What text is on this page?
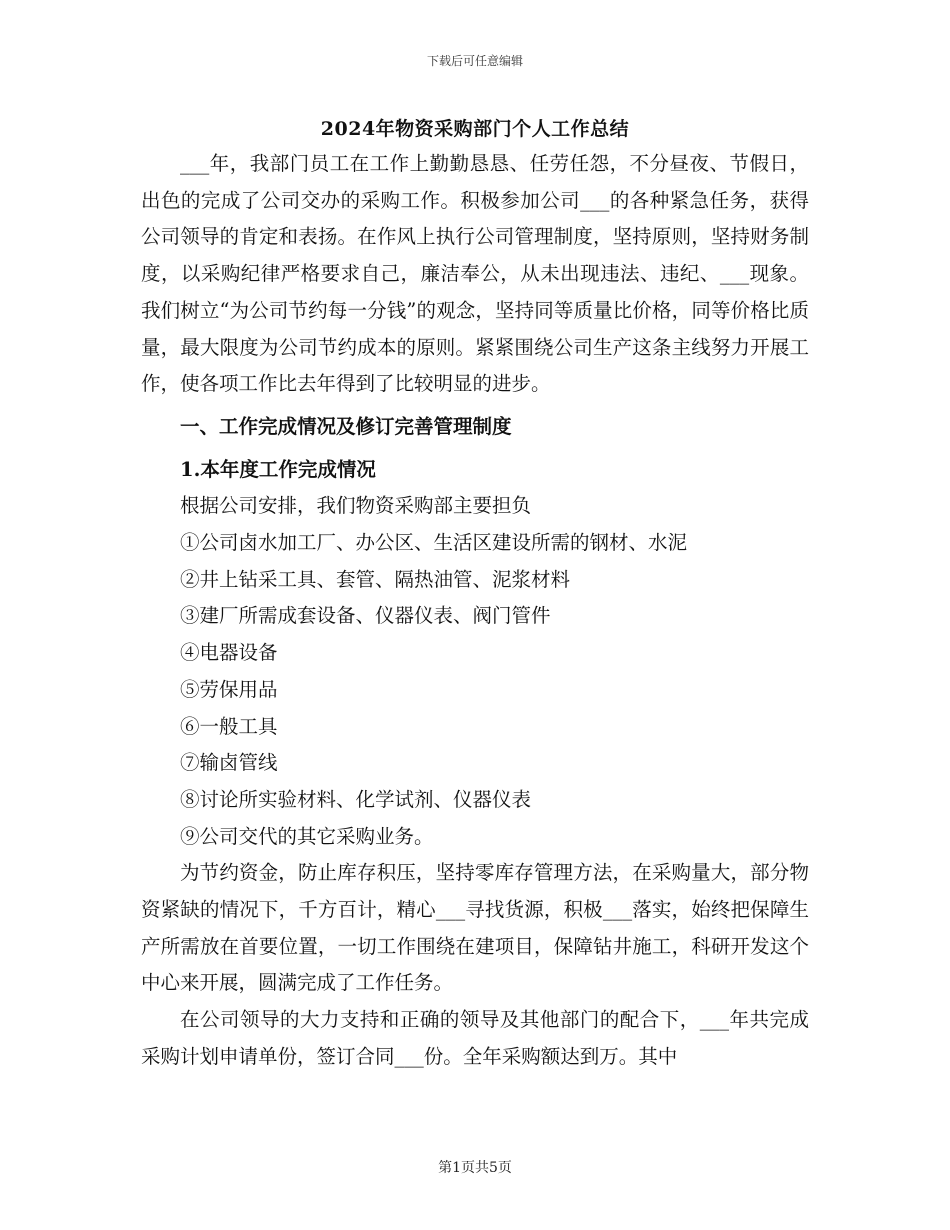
下载后可任意编辑
2024年物资采购部门个人工作总结

___年，我部门员工在工作上勤勤恳恳、任劳任怨，不分昼夜、节假日，出色的完成了公司交办的采购工作。积极参加公司___的各种紧急任务，获得公司领导的肯定和表扬。在作风上执行公司管理制度，坚持原则，坚持财务制度，以采购纪律严格要求自己，廉洁奉公，从未出现违法、违纪、___现象。我们树立“为公司节约每一分钱”的观念，坚持同等质量比价格，同等价格比质量，最大限度为公司节约成本的原则。紧紧围绕公司生产这条主线努力开展工作，使各项工作比去年得到了比较明显的进步。

一、工作完成情况及修订完善管理制度

1.本年度工作完成情况

根据公司安排，我们物资采购部主要担负

①公司卤水加工厂、办公区、生活区建设所需的钢材、水泥

②井上钻采工具、套管、隔热油管、泥浆材料

③建厂所需成套设备、仪器仪表、阀门管件

④电器设备

⑤劳保用品

⑥一般工具

⑦输卤管线

⑧讨论所实验材料、化学试剂、仪器仪表

⑨公司交代的其它采购业务。

为节约资金，防止库存积压，坚持零库存管理方法，在采购量大，部分物资紧缺的情况下，千方百计，精心___寻找货源，积极___落实，始终把保障生产所需放在首要位置，一切工作围绕在建项目，保障钻井施工，科研开发这个中心来开展，圆满完成了工作任务。

在公司领导的大力支持和正确的领导及其他部门的配合下，___年共完成采购计划申请单份，签订合同___份。全年采购额达到万。其中

第1页共5页
